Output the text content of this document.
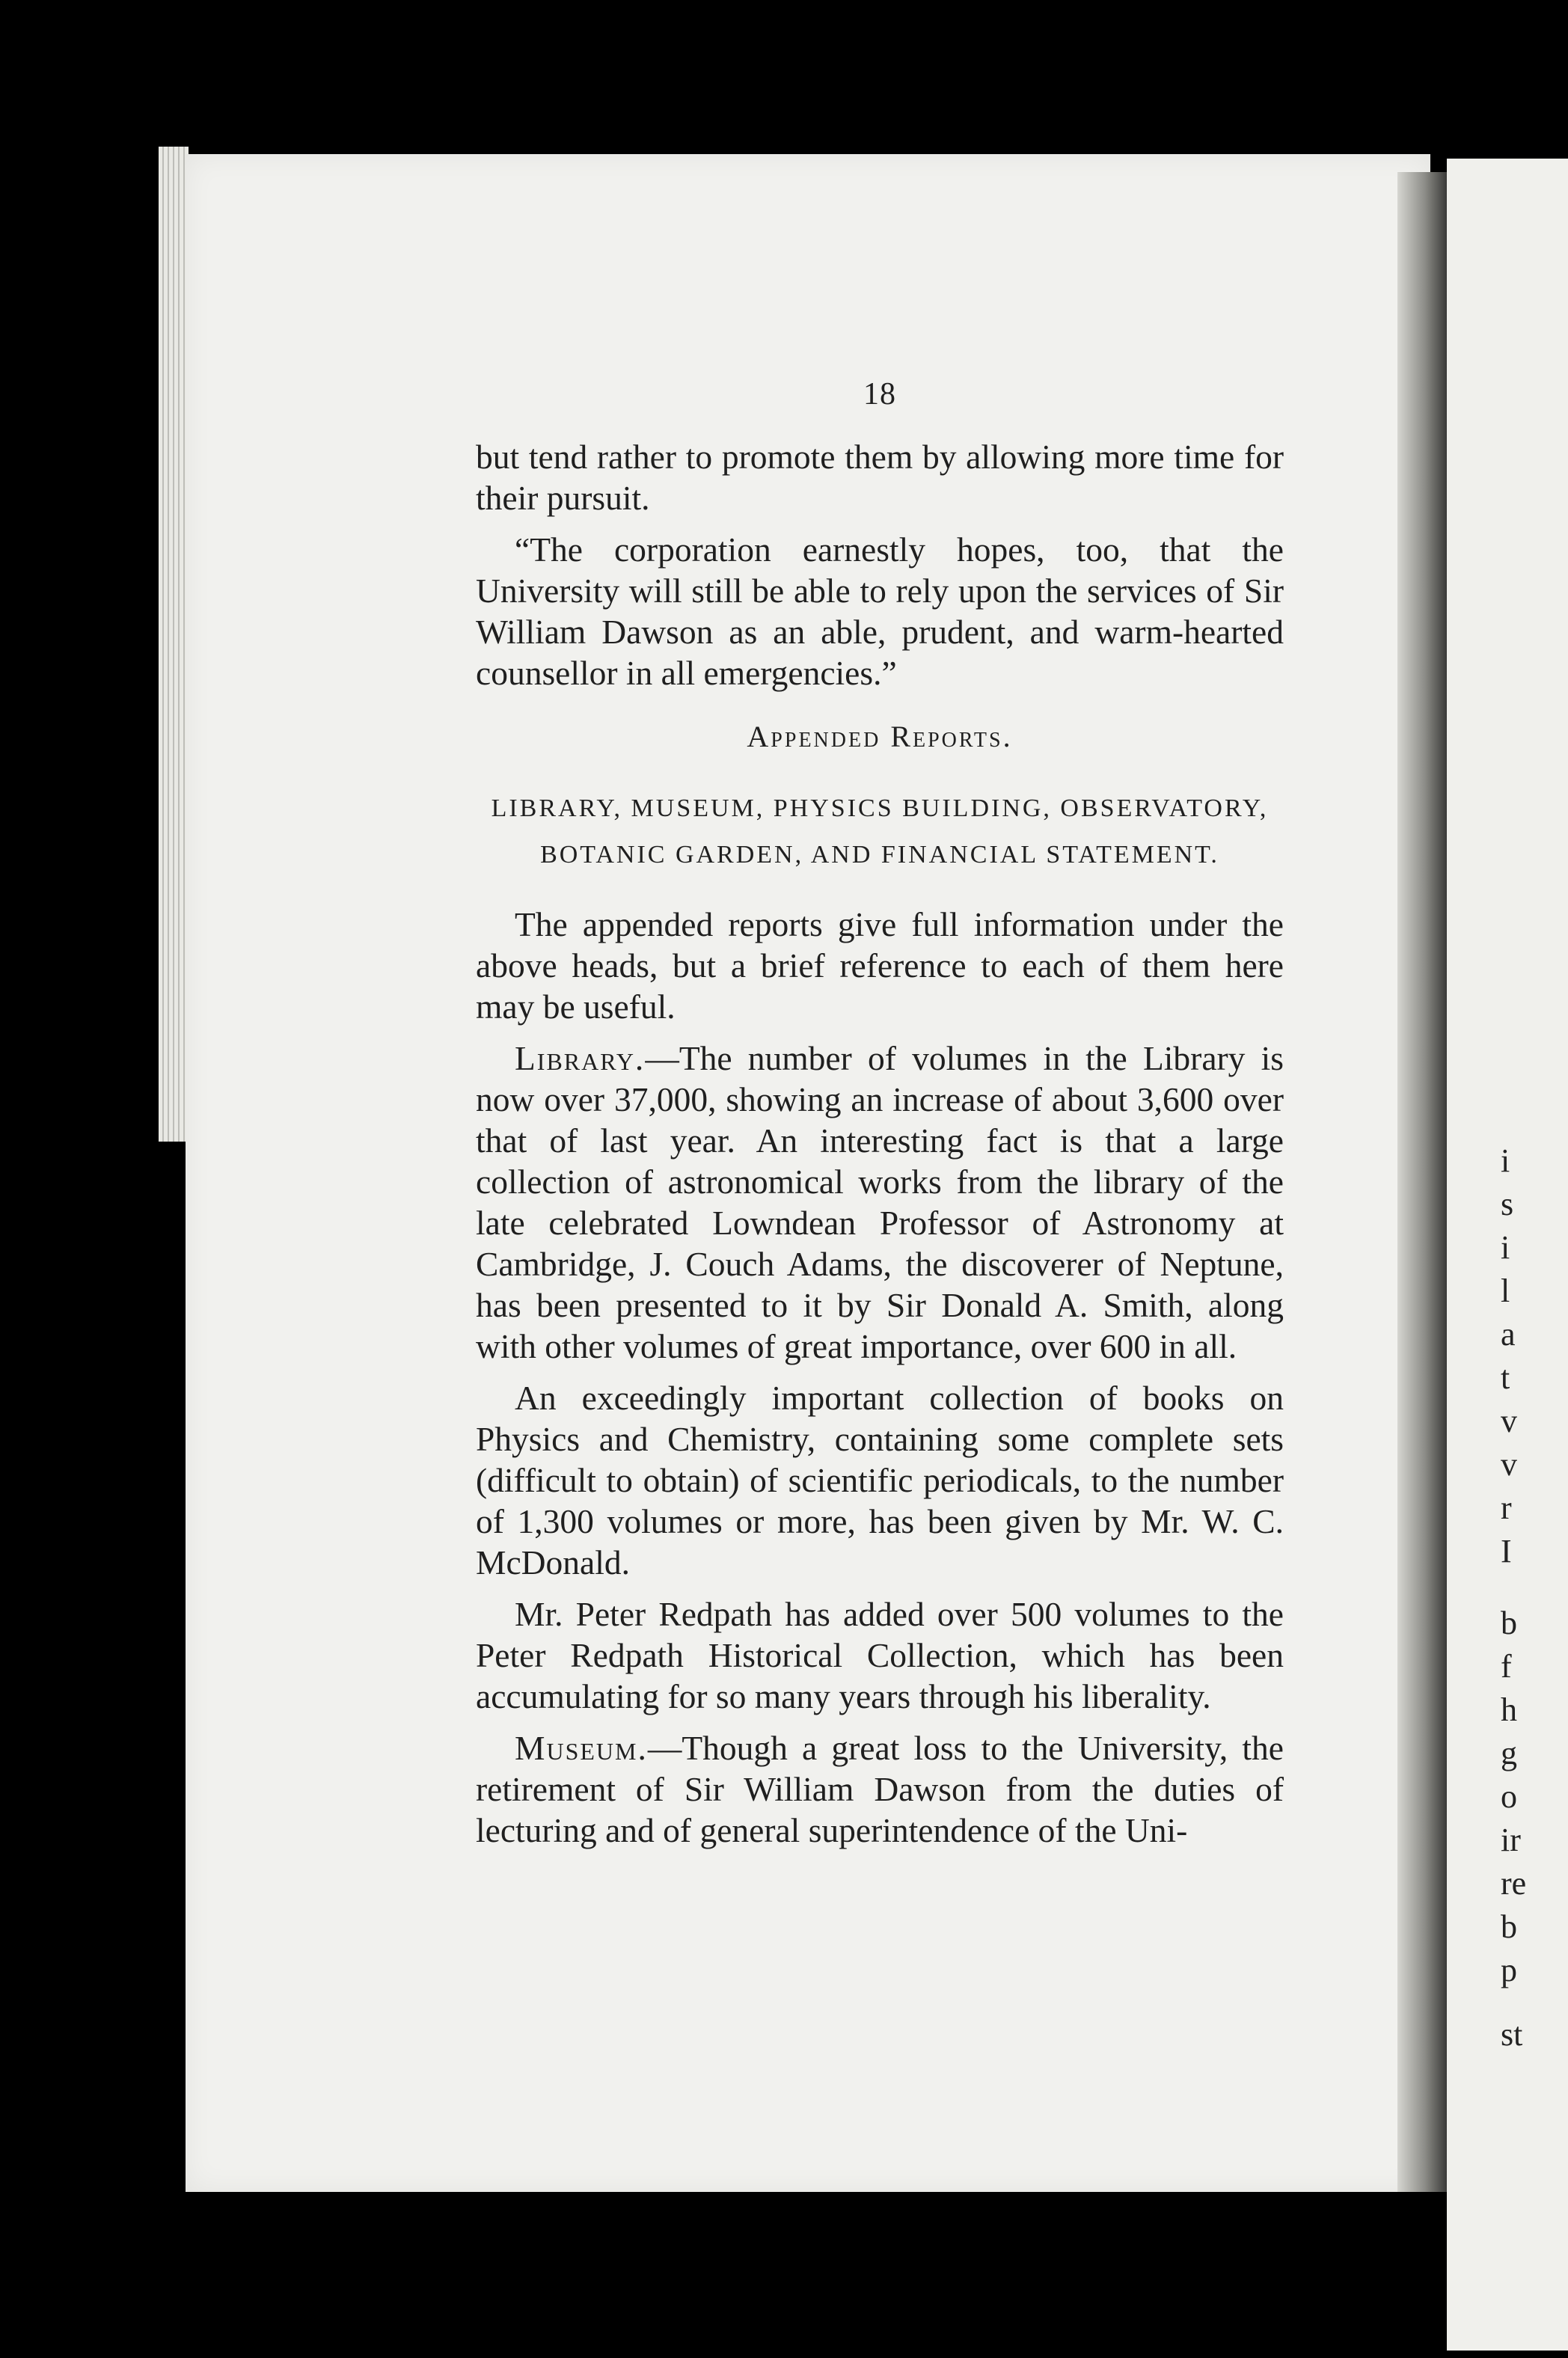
i
s
i
l
a
t
v
v
r
I
b
f
h
g
o
ir
re
b
p
st
18

but tend rather to promote them by allowing more time for their pursuit.

“The corporation earnestly hopes, too, that the University will still be able to rely upon the services of Sir William Dawson as an able, prudent, and warm-hearted counsellor in all emergencies.”

Appended Reports.
LIBRARY, MUSEUM, PHYSICS BUILDING, OBSERVATORY,
BOTANIC GARDEN, AND FINANCIAL STATEMENT.

The appended reports give full information under the above heads, but a brief reference to each of them here may be useful.

Library.—The number of volumes in the Library is now over 37,000, showing an increase of about 3,600 over that of last year. An interesting fact is that a large collection of astronomical works from the library of the late celebrated Lowndean Professor of Astronomy at Cambridge, J. Couch Adams, the discoverer of Neptune, has been presented to it by Sir Donald A. Smith, along with other volumes of great importance, over 600 in all.

An exceedingly important collection of books on Physics and Chemistry, containing some complete sets (difficult to obtain) of scientific periodicals, to the number of 1,300 volumes or more, has been given by Mr. W. C. McDonald.

Mr. Peter Redpath has added over 500 volumes to the Peter Redpath Historical Collection, which has been accumulating for so many years through his liberality.

Museum.—Though a great loss to the University, the retirement of Sir William Dawson from the duties of lecturing and of general superintendence of the Uni-
